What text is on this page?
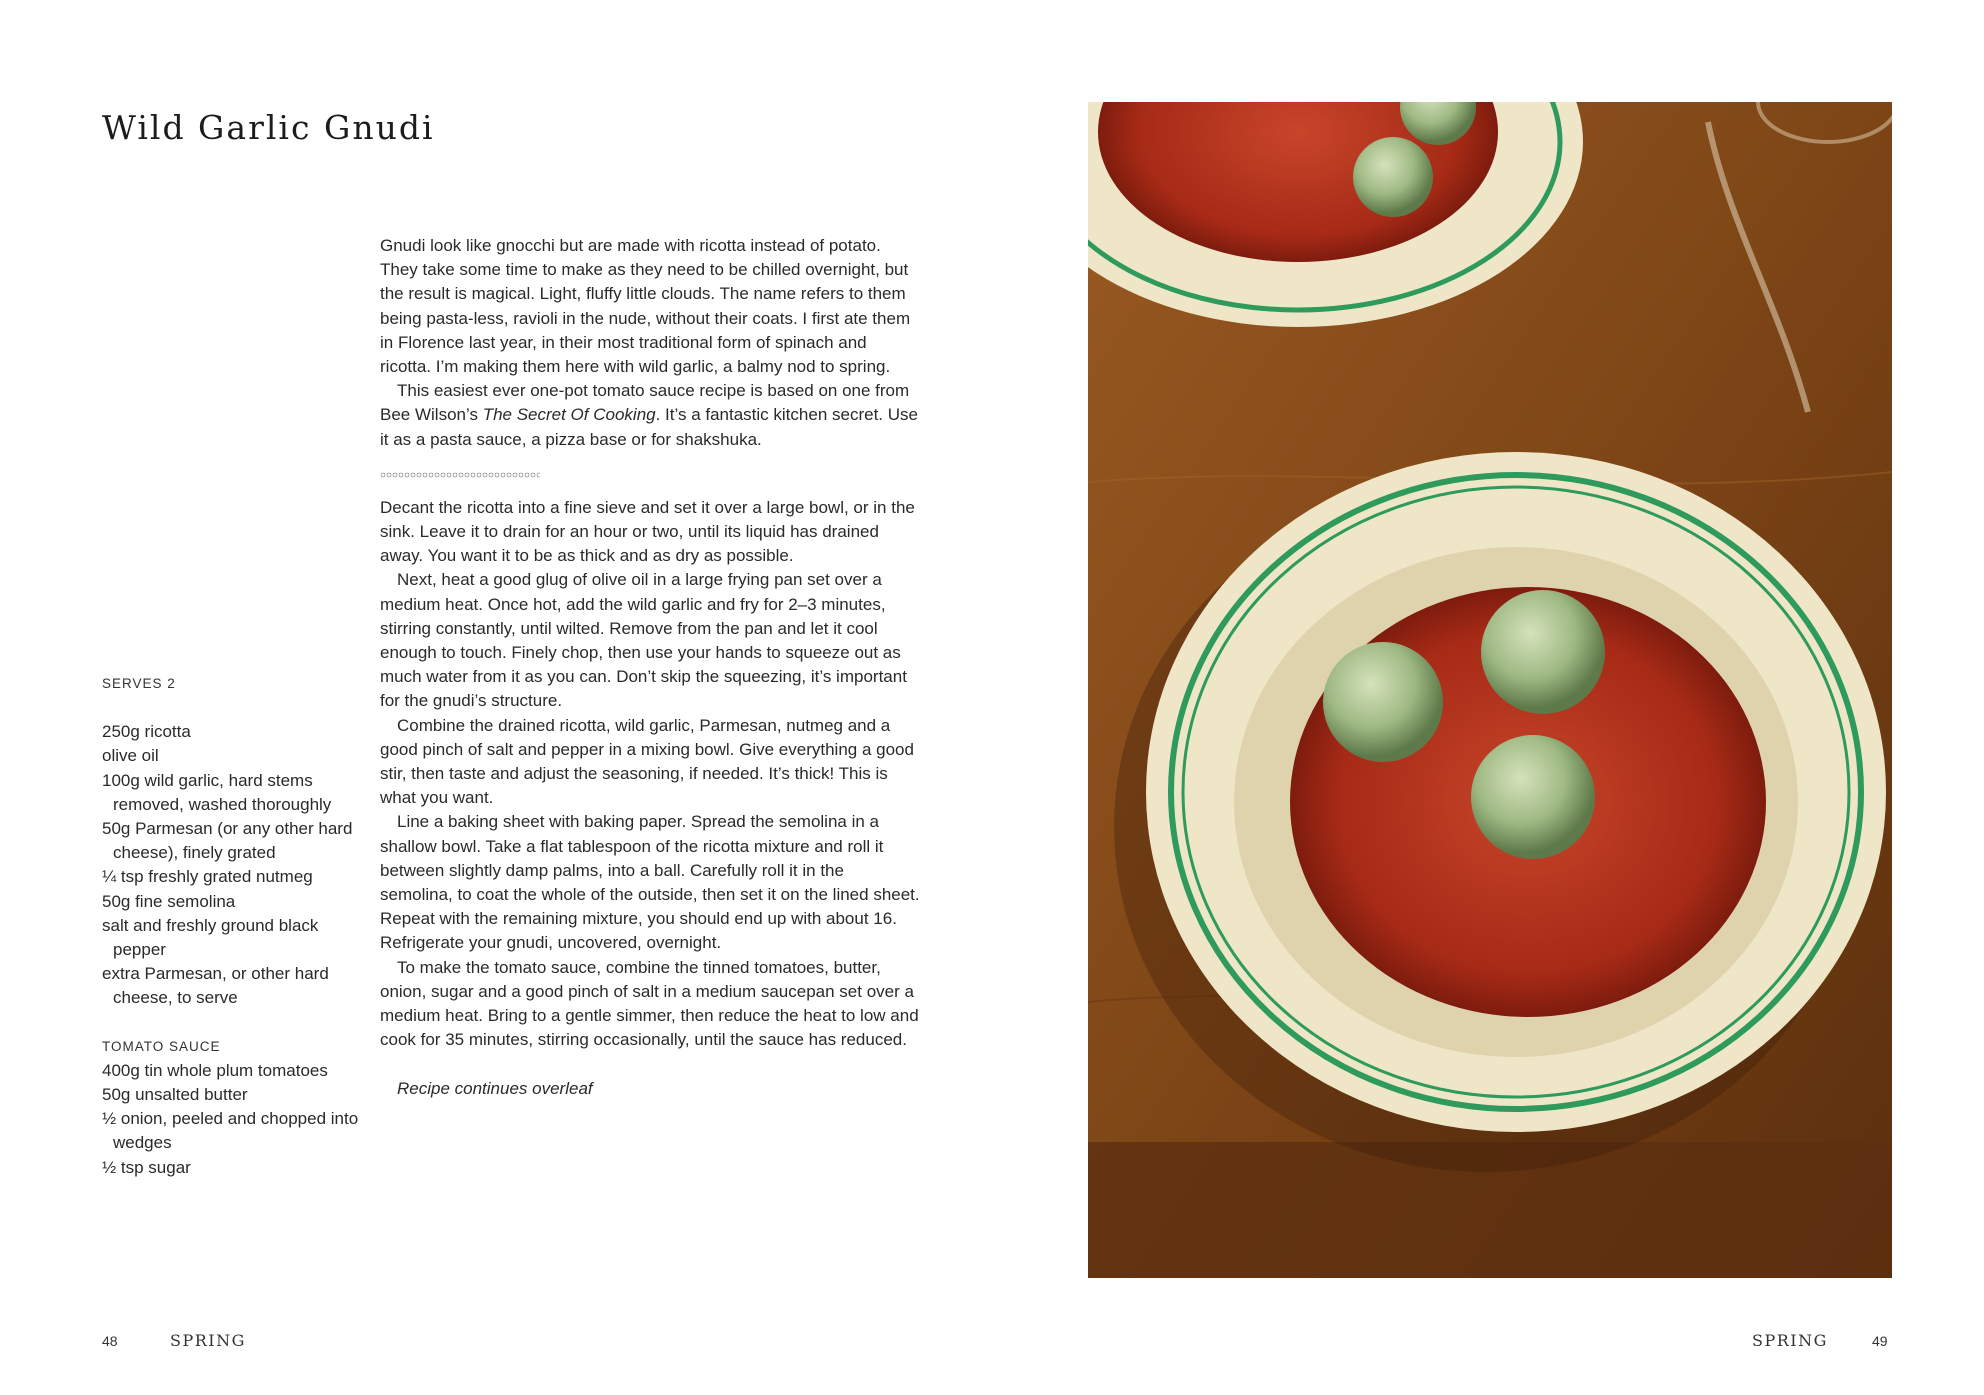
Wild Garlic Gnudi
SERVES 2
250g ricotta
olive oil
100g wild garlic, hard stems removed, washed thoroughly
50g Parmesan (or any other hard cheese), finely grated
¼ tsp freshly grated nutmeg
50g fine semolina
salt and freshly ground black pepper
extra Parmesan, or other hard cheese, to serve
TOMATO SAUCE
400g tin whole plum tomatoes
50g unsalted butter
½ onion, peeled and chopped into wedges
½ tsp sugar

Gnudi look like gnocchi but are made with ricotta instead of potato. They take some time to make as they need to be chilled overnight, but the result is magical. Light, fluffy little clouds. The name refers to them being pasta-less, ravioli in the nude, without their coats. I first ate them in Florence last year, in their most traditional form of spinach and ricotta. I’m making them here with wild garlic, a balmy nod to spring.

This easiest ever one-pot tomato sauce recipe is based on one from Bee Wilson’s The Secret Of Cooking. It’s a fantastic kitchen secret. Use it as a pasta sauce, a pizza base or for shakshuka.

Decant the ricotta into a fine sieve and set it over a large bowl, or in the sink. Leave it to drain for an hour or two, until its liquid has drained away. You want it to be as thick and as dry as possible.

Next, heat a good glug of olive oil in a large frying pan set over a medium heat. Once hot, add the wild garlic and fry for 2–3 minutes, stirring constantly, until wilted. Remove from the pan and let it cool enough to touch. Finely chop, then use your hands to squeeze out as much water from it as you can. Don’t skip the squeezing, it’s important for the gnudi’s structure.

Combine the drained ricotta, wild garlic, Parmesan, nutmeg and a good pinch of salt and pepper in a mixing bowl. Give everything a good stir, then taste and adjust the seasoning, if needed. It’s thick! This is what you want.

Line a baking sheet with baking paper. Spread the semolina in a shallow bowl. Take a flat tablespoon of the ricotta mixture and roll it between slightly damp palms, into a ball. Carefully roll it in the semolina, to coat the whole of the outside, then set it on the lined sheet. Repeat with the remaining mixture, you should end up with about 16. Refrigerate your gnudi, uncovered, overnight.

To make the tomato sauce, combine the tinned tomatoes, butter, onion, sugar and a good pinch of salt in a medium saucepan set over a medium heat. Bring to a gentle simmer, then reduce the heat to low and cook for 35 minutes, stirring occasionally, until the sauce has reduced.

Recipe continues overleaf

48	SPRING	SPRING	49
